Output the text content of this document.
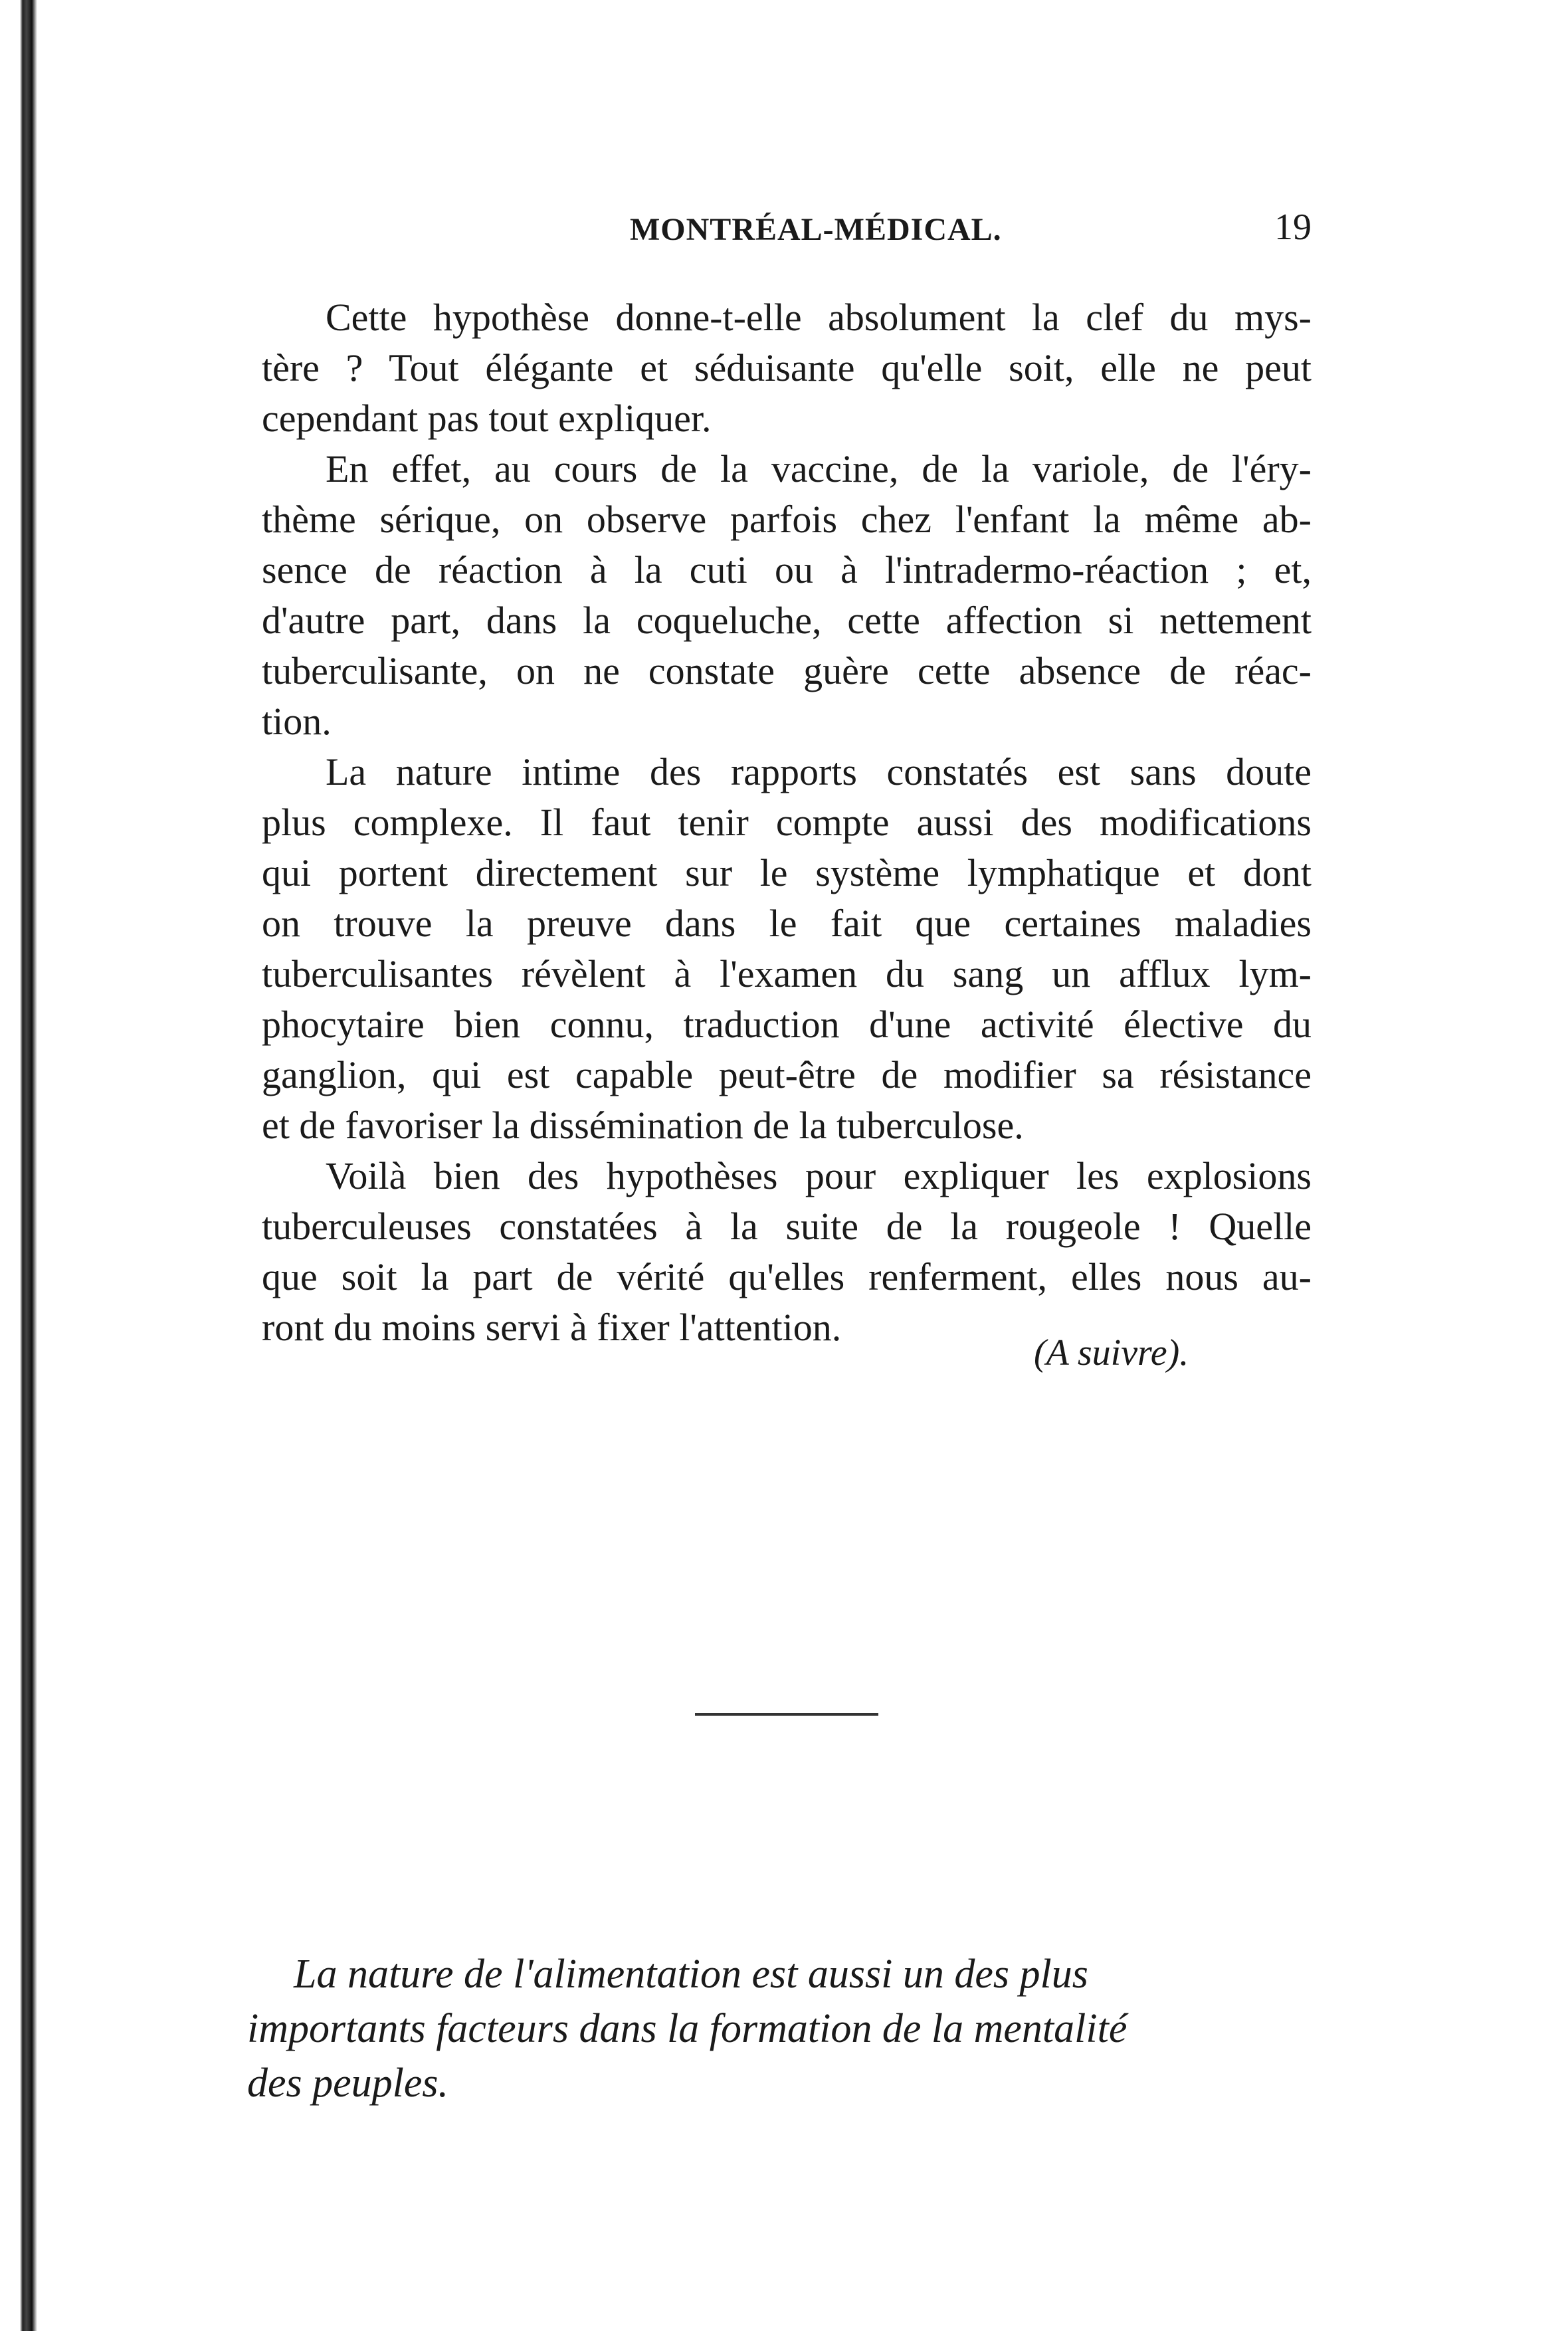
MONTRÉAL-MÉDICAL.	19
Cette hypothèse donne-t-elle absolument la clef du mys-
tère ? Tout élégante et séduisante qu'elle soit, elle ne peut
cependant pas tout expliquer.
En effet, au cours de la vaccine, de la variole, de l'éry-
thème sérique, on observe parfois chez l'enfant la même ab-
sence de réaction à la cuti ou à l'intradermo-réaction ; et,
d'autre part, dans la coqueluche, cette affection si nettement
tuberculisante, on ne constate guère cette absence de réac-
tion.
La nature intime des rapports constatés est sans doute
plus complexe. Il faut tenir compte aussi des modifications
qui portent directement sur le système lymphatique et dont
on trouve la preuve dans le fait que certaines maladies
tuberculisantes révèlent à l'examen du sang un afflux lym-
phocytaire bien connu, traduction d'une activité élective du
ganglion, qui est capable peut-être de modifier sa résistance
et de favoriser la dissémination de la tuberculose.
Voilà bien des hypothèses pour expliquer les explosions
tuberculeuses constatées à la suite de la rougeole ! Quelle
que soit la part de vérité qu'elles renferment, elles nous au-
ront du moins servi à fixer l'attention.
(A suivre).
La nature de l'alimentation est aussi un des plus
importants facteurs dans la formation de la mentalité
des peuples.
